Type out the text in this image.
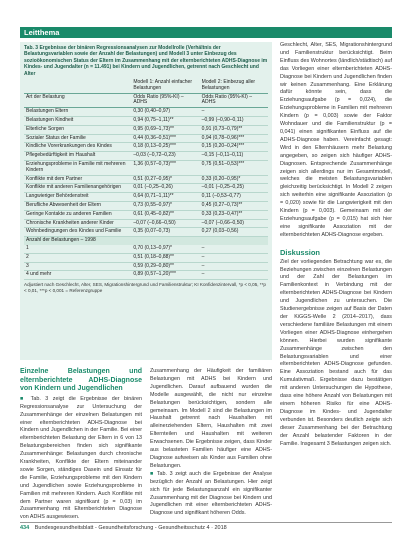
Leitthema
Tab. 3 Ergebnisse der binären Regressionsanalysen zur Modellrolle (Verhältnis der Belastungsvariablen sowie der Anzahl der Belastungen) und Modell 3 unter Einbezug des sozioökonomischen Status der Eltern im Zusammenhang mit der elternberichteten ADHS-Diagnose im Kindes- und Jugendalter (n = 11.491) bei Kindern und Jugendlichen, getrennt nach Geschlecht und Alter
	Modell 1: Anzahl einfacher Belastungen	Modell 2: Einbezug aller Belastungen
Art der Belastung	Odds Ratio (95%-KI) – ADHS	Odds Ratio (95%-KI) – ADHS
Belastungen Eltern	0,30 (0,40–0,97)	–
Belastungen Kindheit	0,94 (0,75–1,11)**	–0,99 (–0,90–0,11)
Elterliche Sorgen	0,95 (0,69–1,73)**	0,91 (0,73–0,79)**
Sozialer Status der Familie	0,44 (0,36–0,51)***	0,94 (0,78–0,96)***
Kindliche Vorerkrankungen des Kindes	0,18 (0,13–0,25)***	0,15 (0,20–0,24)***
Pflegebedürftigkeit im Haushalt	–0,03 (–0,72–0,23)	–0,15 (–0,11–0,11)
Erziehungsprobleme in Familie mit mehreren Kindern	1,36 (0,57–0,73)***	0,75 (0,51–0,53)***
Konflikte mit dem Partner	0,51 (0,27–0,95)*	0,33 (0,20–0,95)*
Konflikte mit anderen Familienangehörigen	0,01 (–0,25–0,26)	–0,01 (–0,25–0,25)
Langwieriger Behördenstreit	0,64 (0,71–1,11)**	0,11 (–0,53–0,77)
Berufliche Abwesenheit der Eltern	0,73 (0,55–0,97)*	0,45 (0,27–0,73)**
Geringe Kontakte zu anderen Familien	0,61 (0,45–0,82)**	0,33 (0,23–0,47)**
Chronische Krankheiten anderer Kinder	–0,07 (–0,66–0,50)	–0,07 (–0,66–0,50)
Wohnbedingungen des Kindes und Familie	0,35 (0,07–0,73)	0,27 (0,03–0,56)
Anzahl der Belastungen – 1998		
1	0,70 (0,13–0,97)*	–
2	0,51 (0,18–0,88)**	–
3	0,59 (0,29–0,80)**	–
4 und mehr	0,89 (0,57–1,20)***	–
Adjustiert nach Geschlecht, Alter, SES, Migrationshintergrund und Familienstruktur; KI Konfidenzintervall, *p < 0,05, **p < 0,01, ***p < 0,001 = Referenzgruppe

Geschlecht, Alter, SES, Migrationshintergrund und Familienstruktur berücksichtigt. Beim Einfluss des Wohnortes (ländlich/städtisch) auf das Vorliegen einer elternberichteten ADHS-Diagnose bei Kindern und Jugendlichen finden wir keinen Zusammenhang. Eine Erklärung dafür könnte sein, dass die Erziehungsaufgabe (p = 0,024), die Erziehungsprobleme in Familien mit mehreren Kindern (p = 0,003) sowie der Faktor Wohndauer und die Familienstruktur (p = 0,041) einen signifikanten Einfluss auf die ADHS-Diagnose haben. Vereinfacht gesagt: Wird in den Elternhäusern mehr Belastung angegeben, so zeigen sich häufiger ADHS-Diagnosen. Entsprechende Zusammenhänge zeigen sich allerdings nur im Gesamtmodell, welches die meisten Belastungsvariablen gleichzeitig berücksichtigt. In Modell 2 zeigen sich weiterhin eine signifikante Assoziation (p = 0,020) sowie für die Langwierigkeit mit den Kindern (p = 0,003). Gemeinsam mit der Erziehungsaufgabe (p = 0,015) hat sich hier eine signifikante Assoziation mit der elternberichteten ADHS-Diagnose ergeben.

Diskussion

Ziel der vorliegenden Betrachtung war es, die Beziehungen zwischen einzelnen Belastungen und der Zahl der Belastungen im Familienkontext in Verbindung mit der elternberichteten ADHS-Diagnose bei Kindern und Jugendlichen zu untersuchen. Die Studienergebnisse zeigen auf Basis der Daten der KiGGS-Welle 2 (2014–2017), dass verschiedene familiäre Belastungen mit einem Vorliegen einer ADHS-Diagnose einhergehen können. Hierbei wurden signifikante Zusammenhänge zwischen den Belastungsvariablen und einer elternberichteten ADHS-Diagnose gefunden. Eine Assoziation bestand auch für das Kumulativmaß. Ergebnisse dazu bestätigen mit anderen Untersuchungen die Hypothese, dass eine höhere Anzahl von Belastungen mit einem höheren Risiko für eine ADHS-Diagnose im Kindes- und Jugendalter verbunden ist. Besonders deutlich zeigte sich dieser Zusammenhang bei der Betrachtung der Anzahl belastender Faktoren in der Familie. Insgesamt 3 Belastungen zeigen sich.

Einzelne Belastungen und elternberichtete ADHS-Diagnose von Kindern und Jugendlichen

■ Tab. 3 zeigt die Ergebnisse der binären Regressionsanalyse zur Untersuchung der Zusammenhänge der einzelnen Belastungen mit einer elternberichteten ADHS-Diagnose bei Kindern und Jugendlichen in der Familie. Bei einer elternberichteten Belastung der Eltern in 6 von 13 Belastungsbereichen finden sich signifikante Zusammenhänge: Belastungen durch chronische Krankheiten, Konflikte der Eltern miteinander sowie Sorgen, ständiges Dasein und Einsatz für die Familie, Erziehungsprobleme mit den Kindern und Jugendlichen sowie Erziehungsprobleme in Familien mit mehreren Kindern. Auch Konflikte mit dem Partner waren signifikant (p = 0,03) im Zusammenhang mit Elternberichteten Diagnose von ADHS ausgewiesen.

Zusammenhang der Häufigkeit der familiären Belastungen mit ADHS bei Kindern und Jugendlichen. Darauf aufbauend wurden die Modelle ausgewählt, die nicht nur einzelne Belastungen berücksichtigen, sondern alle gemeinsam. Im Modell 2 sind die Belastungen im Haushalt getrennt nach Haushalten mit alleinerziehenden Eltern, Haushalten mit zwei Elternteilen und Haushalten mit weiteren Erwachsenen. Die Ergebnisse zeigen, dass Kinder aus belasteten Familien häufiger eine ADHS-Diagnose aufweisen als Kinder aus Familien ohne Belastungen.

■ Tab. 3 zeigt auch die Ergebnisse der Analyse bezüglich der Anzahl an Belastungen. Hier zeigt sich für jede Belastungsanzahl ein signifikanter Zusammenhang mit der Diagnose bei Kindern und Jugendlichen mit einer elternberichteten ADHS-Diagnose und signifikant höheren Odds.

434 Bundesgesundheitsblatt - Gesundheitsforschung - Gesundheitsschutz 4 · 2018
